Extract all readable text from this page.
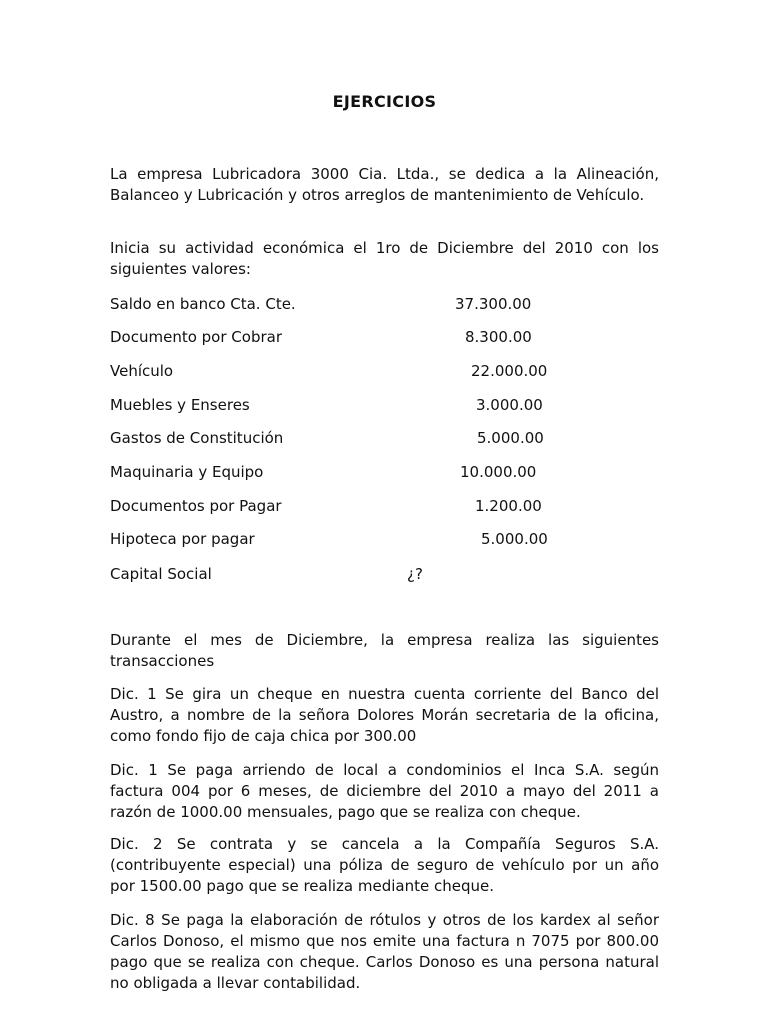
EJERCICIOS
La empresa Lubricadora 3000 Cia. Ltda., se dedica a la Alineación, Balanceo y Lubricación y otros arreglos de mantenimiento de Vehículo.
Inicia su actividad económica el 1ro de Diciembre del 2010 con los siguientes valores:
Saldo en banco Cta. Cte.	37.300.00
Documento por Cobrar	8.300.00
Vehículo	22.000.00
Muebles y Enseres	3.000.00
Gastos de Constitución	5.000.00
Maquinaria y Equipo	10.000.00
Documentos por Pagar	1.200.00
Hipoteca por pagar	5.000.00
Capital Social	¿?
Durante el mes de Diciembre, la empresa realiza las siguientes transacciones
Dic. 1 Se gira un cheque en nuestra cuenta corriente del Banco del Austro, a nombre de la señora Dolores Morán secretaria de la oficina, como fondo fijo de caja chica por 300.00
Dic. 1 Se paga arriendo de local a condominios el Inca S.A. según factura 004 por 6 meses, de diciembre del 2010 a mayo del 2011 a razón de 1000.00 mensuales, pago que se realiza con cheque.
Dic. 2 Se contrata y se cancela a la Compañía Seguros S.A. (contribuyente especial) una póliza de seguro de vehículo por un año por 1500.00 pago que se realiza mediante cheque.
Dic. 8 Se paga la elaboración de rótulos y otros de los kardex al señor Carlos Donoso, el mismo que nos emite una factura n 7075 por 800.00 pago que se realiza con cheque. Carlos Donoso es una persona natural no obligada a llevar contabilidad.
